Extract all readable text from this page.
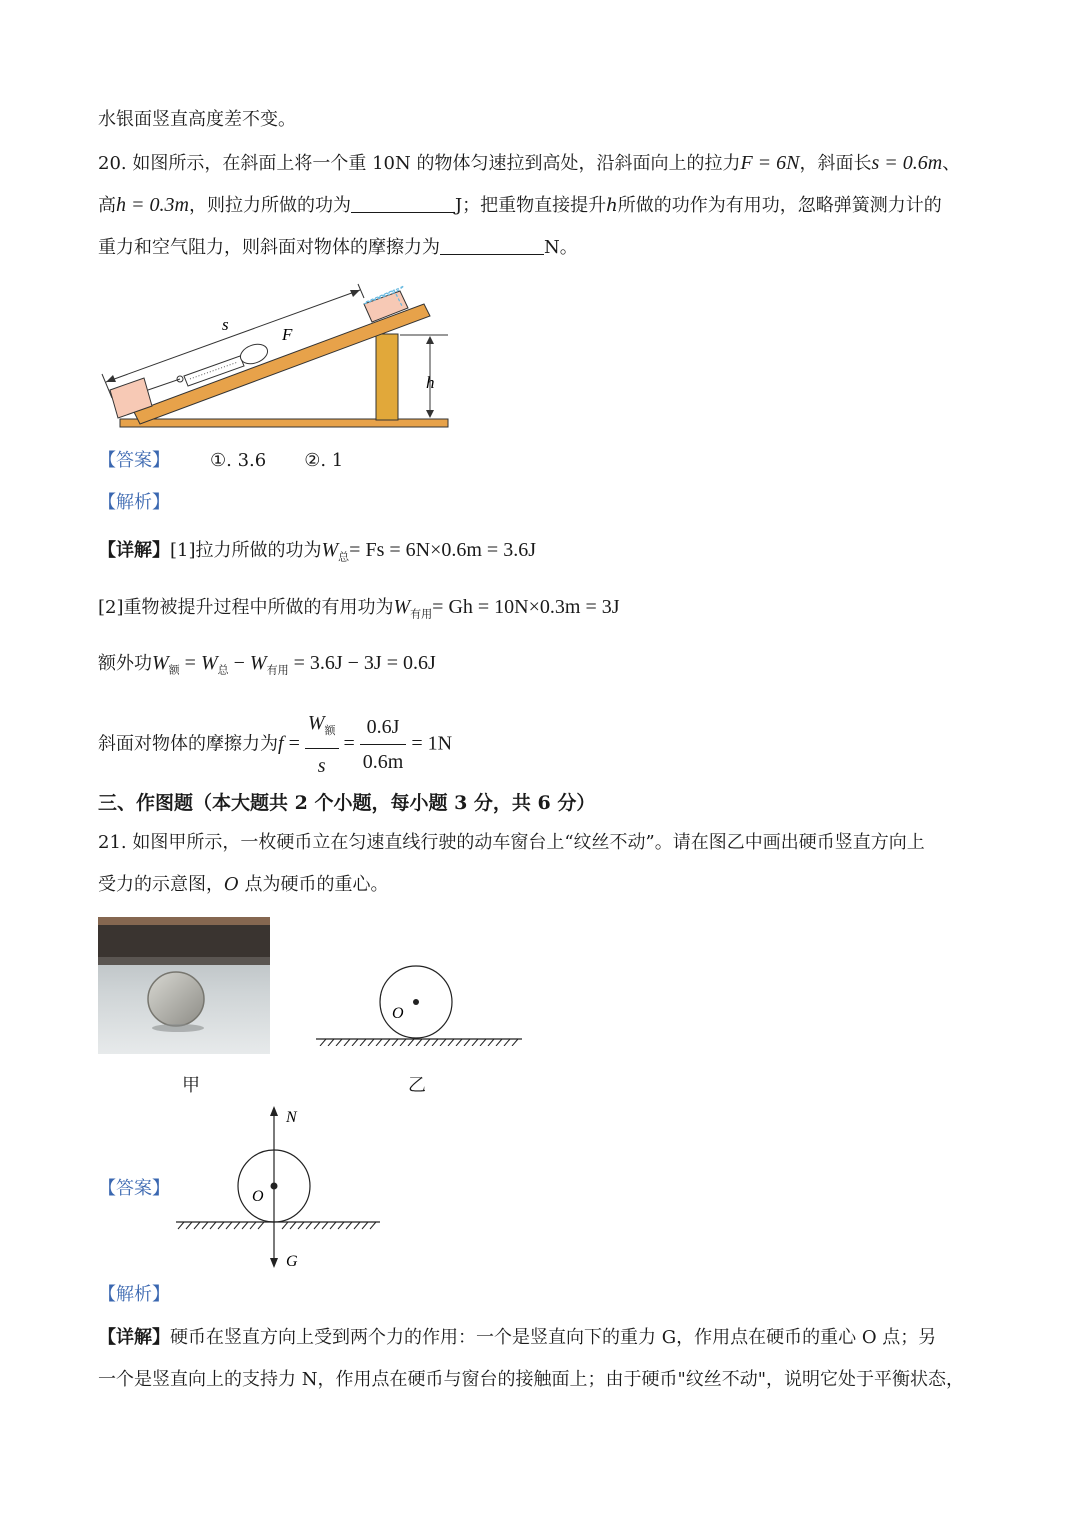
水银面竖直高度差不变。
20. 如图所示，在斜面上将一个重 10N 的物体匀速拉到高处，沿斜面向上的拉力F = 6N，斜面长s = 0.6m、
高h = 0.3m，则拉力所做的功为	J；把重物直接提升h所做的功作为有用功，忽略弹簧测力计的
重力和空气阻力，则斜面对物体的摩擦力为	N。
s
F
h
【答案】 ①. 3.6 ②. 1
【解析】
【详解】[1]拉力所做的功为$W_总= Fs = 6N\times 0.6m = 3.6J$
[2]重物被提升过程中所做的有用功为$W_{有用}= Gh = 10N\times 0.3m = 3J$
额外功$W_额 = W_总 - W_{有用} = 3.6J - 3J = 0.6J$
斜面对物体的摩擦力为$f = \frac{W_额}{s} = \frac{0.6J}{0.6m} = 1N$
三、作图题（本大题共 2 个小题，每小题 3 分，共 6 分）
21. 如图甲所示，一枚硬币立在匀速直线行驶的动车窗台上“纹丝不动”。请在图乙中画出硬币竖直方向上
受力的示意图，O 点为硬币的重心。
O
甲	乙
【答案】
N
O
G
【解析】
【详解】硬币在竖直方向上受到两个力的作用：一个是竖直向下的重力 G，作用点在硬币的重心 O 点；另
一个是竖直向上的支持力 N，作用点在硬币与窗台的接触面上；由于硬币"纹丝不动"，说明它处于平衡状态，
